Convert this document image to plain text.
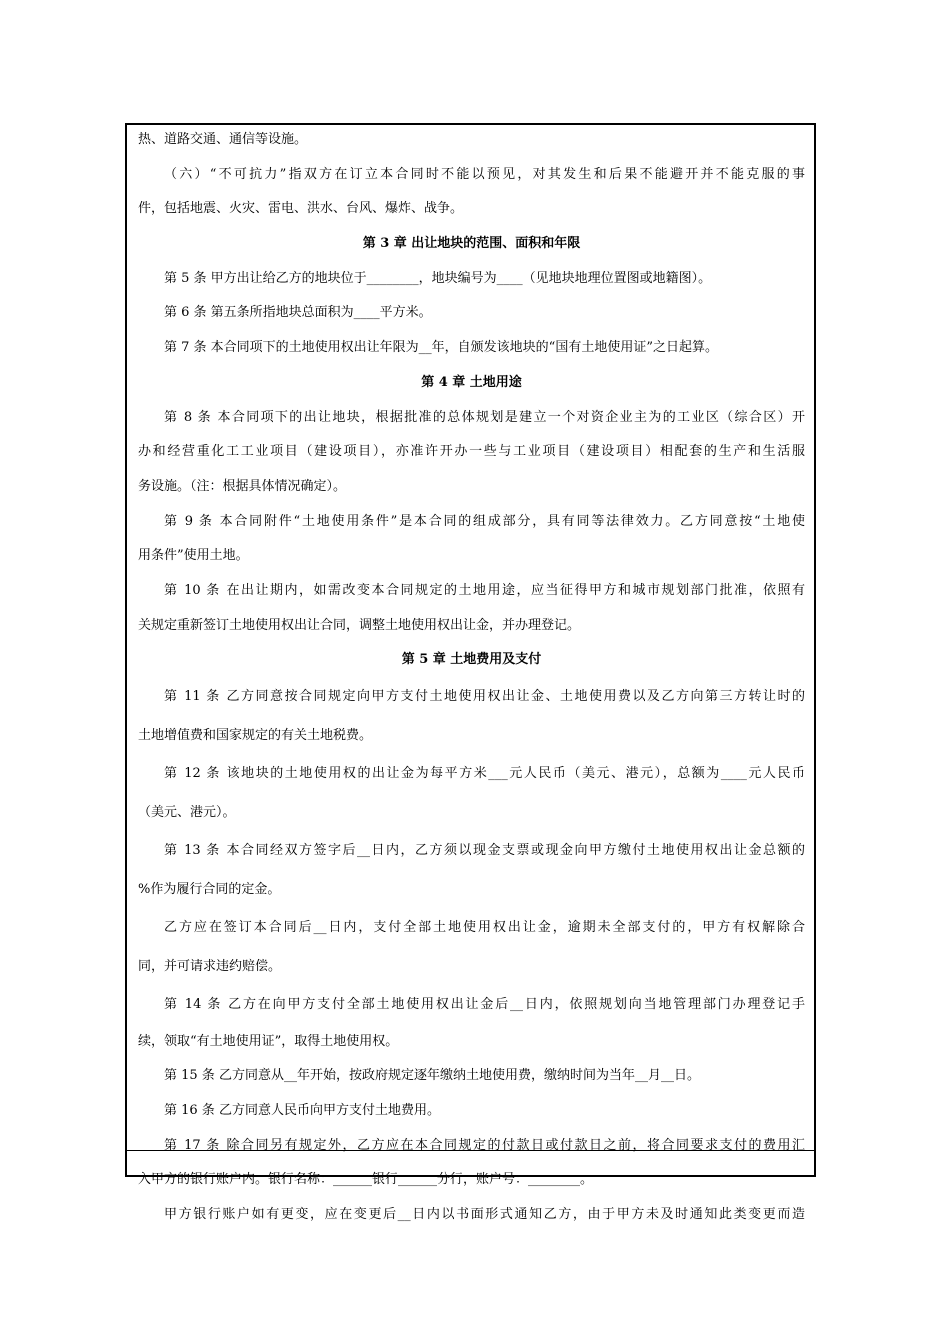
热、道路交通、通信等设施。
（六）“不可抗力”指双方在订立本合同时不能以预见，对其发生和后果不能避开并不能克服的事
件，包括地震、火灾、雷电、洪水、台风、爆炸、战争。
第 3 章 出让地块的范围、面积和年限
第 5 条 甲方出让给乙方的地块位于________，地块编号为____（见地块地理位置图或地籍图）。
第 6 条 第五条所指地块总面积为____平方米。
第 7 条 本合同项下的土地使用权出让年限为__年，自颁发该地块的“国有土地使用证”之日起算。
第 4 章 土地用途
第 8 条 本合同项下的出让地块，根据批准的总体规划是建立一个对资企业主为的工业区（综合区）开
办和经营重化工工业项目（建设项目），亦准许开办一些与工业项目（建设项目）相配套的生产和生活服
务设施。（注：根据具体情况确定）。
第 9 条 本合同附件“土地使用条件”是本合同的组成部分，具有同等法律效力。乙方同意按“土地使
用条件”使用土地。
第 10 条 在出让期内，如需改变本合同规定的土地用途，应当征得甲方和城市规划部门批准，依照有
关规定重新签订土地使用权出让合同，调整土地使用权出让金，并办理登记。
第 5 章 土地费用及支付
第 11 条 乙方同意按合同规定向甲方支付土地使用权出让金、土地使用费以及乙方向第三方转让时的
土地增值费和国家规定的有关土地税费。
第 12 条 该地块的土地使用权的出让金为每平方米___元人民币（美元、港元），总额为____元人民币
（美元、港元）。
第 13 条 本合同经双方签字后__日内，乙方须以现金支票或现金向甲方缴付土地使用权出让金总额的
%作为履行合同的定金。
乙方应在签订本合同后__日内，支付全部土地使用权出让金，逾期未全部支付的，甲方有权解除合
同，并可请求违约赔偿。
第 14 条 乙方在向甲方支付全部土地使用权出让金后__日内，依照规划向当地管理部门办理登记手
续，领取“有土地使用证”，取得土地使用权。
第 15 条 乙方同意从__年开始，按政府规定逐年缴纳土地使用费，缴纳时间为当年__月__日。
第 16 条 乙方同意人民币向甲方支付土地费用。
第 17 条 除合同另有规定外，乙方应在本合同规定的付款日或付款日之前，将合同要求支付的费用汇
入甲方的银行账户内。银行名称：______银行______分行，账户号：________。
甲方银行账户如有更变，应在变更后__日内以书面形式通知乙方，由于甲方未及时通知此类变更而造
